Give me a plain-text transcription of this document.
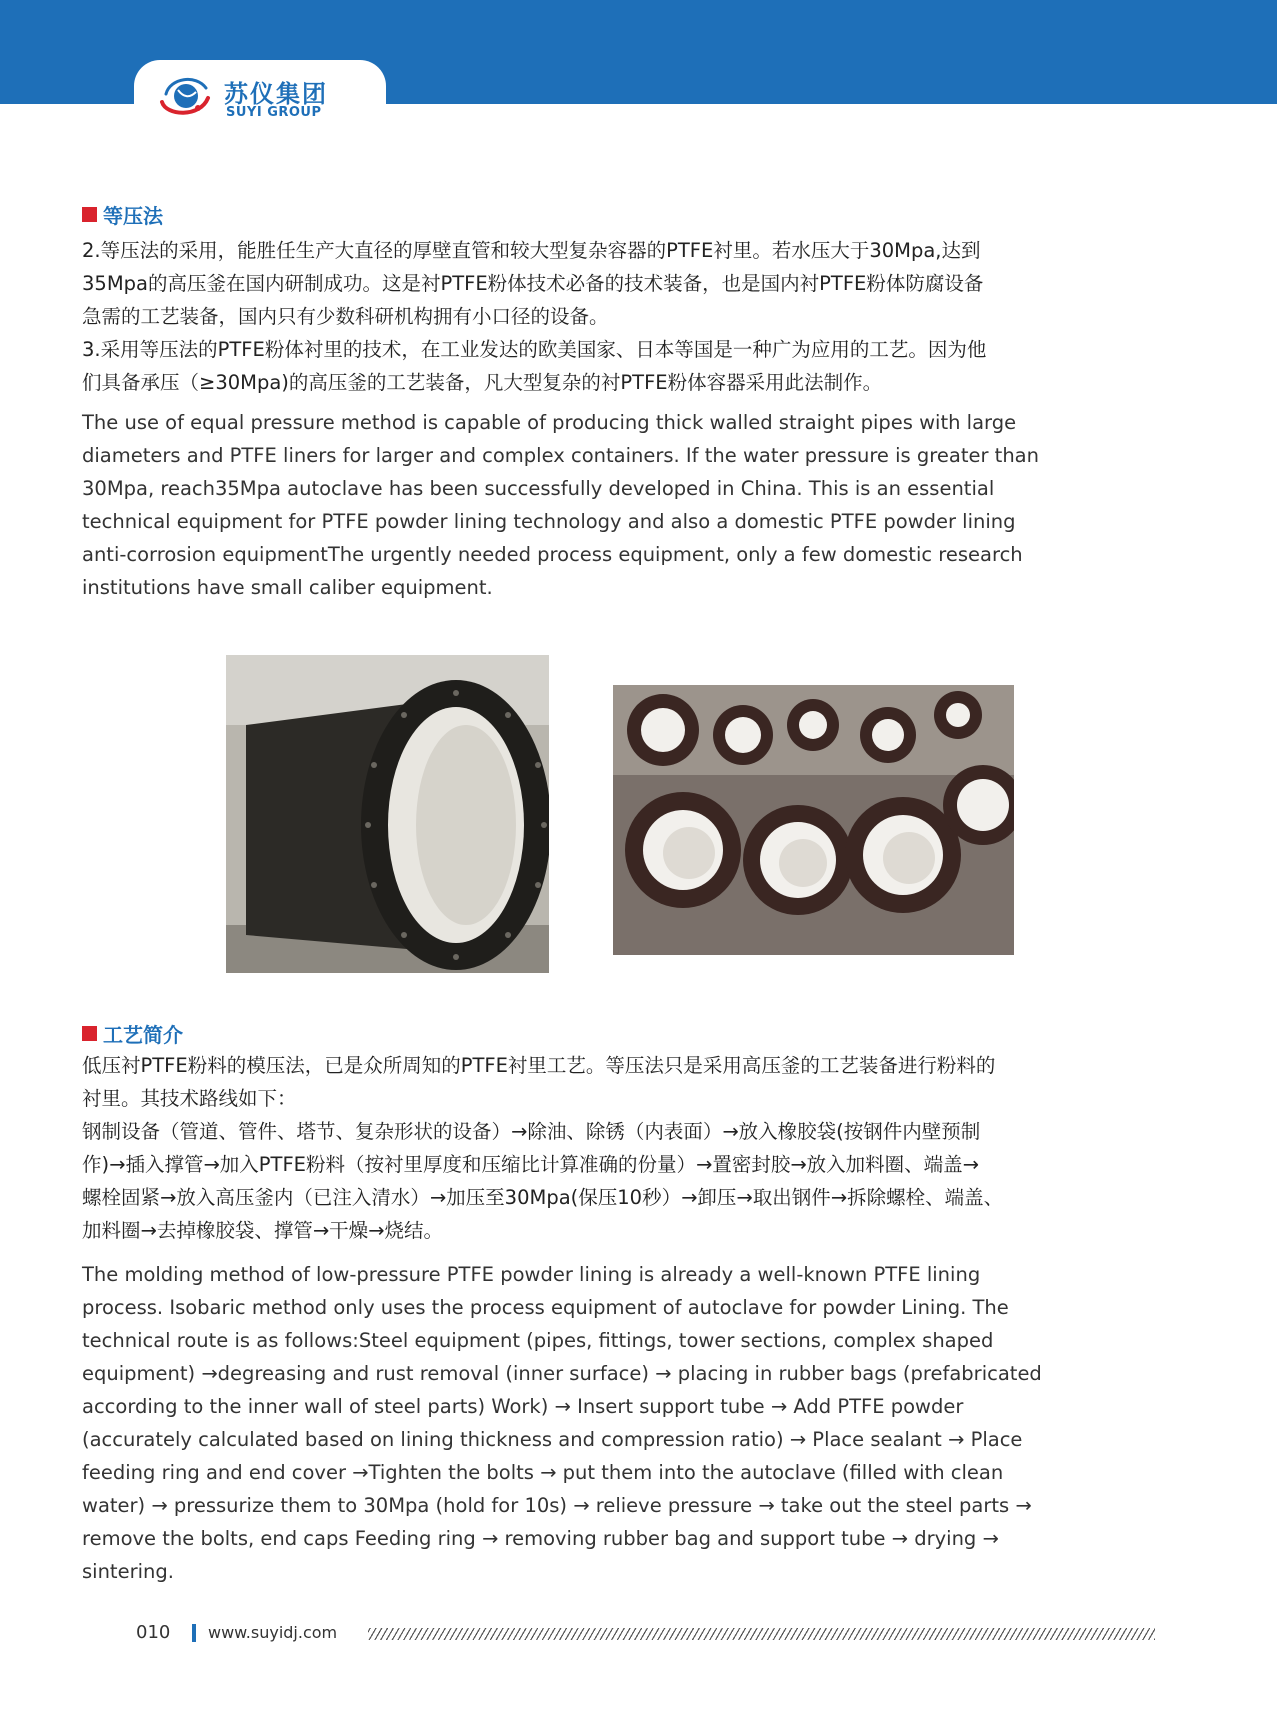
苏仪集团
SUYI GROUP
等压法
2.等压法的采用，能胜任生产大直径的厚壁直管和较大型复杂容器的PTFE衬里。若水压大于30Mpa,达到
35Mpa的高压釜在国内研制成功。这是衬PTFE粉体技术必备的技术装备，也是国内衬PTFE粉体防腐设备
急需的工艺装备，国内只有少数科研机构拥有小口径的设备。
3.采用等压法的PTFE粉体衬里的技术，在工业发达的欧美国家、日本等国是一种广为应用的工艺。因为他
们具备承压（≥30Mpa)的高压釜的工艺装备，凡大型复杂的衬PTFE粉体容器采用此法制作。
The use of equal pressure method is capable of producing thick walled straight pipes with large
diameters and PTFE liners for larger and complex containers. If the water pressure is greater than
30Mpa, reach35Mpa autoclave has been successfully developed in China. This is an essential
technical equipment for PTFE powder lining technology and also a domestic PTFE powder lining
anti-corrosion equipmentThe urgently needed process equipment, only a few domestic research
institutions have small caliber equipment.
工艺简介
低压衬PTFE粉料的模压法，已是众所周知的PTFE衬里工艺。等压法只是采用高压釜的工艺装备进行粉料的
衬里。其技术路线如下：
钢制设备（管道、管件、塔节、复杂形状的设备）→除油、除锈（内表面）→放入橡胶袋(按钢件内壁预制
作)→插入撑管→加入PTFE粉料（按衬里厚度和压缩比计算准确的份量）→置密封胶→放入加料圈、端盖→
螺栓固紧→放入高压釜内（已注入清水）→加压至30Mpa(保压10秒）→卸压→取出钢件→拆除螺栓、端盖、
加料圈→去掉橡胶袋、撑管→干燥→烧结。
The molding method of low-pressure PTFE powder lining is already a well-known PTFE lining
process. Isobaric method only uses the process equipment of autoclave for powder Lining. The
technical route is as follows:Steel equipment (pipes, fittings, tower sections, complex shaped
equipment) →degreasing and rust removal (inner surface) → placing in rubber bags (prefabricated
according to the inner wall of steel parts) Work) → Insert support tube → Add PTFE powder
(accurately calculated based on lining thickness and compression ratio) → Place sealant → Place
feeding ring and end cover →Tighten the bolts → put them into the autoclave (filled with clean
water) → pressurize them to 30Mpa (hold for 10s) → relieve pressure → take out the steel parts →
remove the bolts, end caps Feeding ring → removing rubber bag and support tube → drying →
sintering.
010 www.suyidj.com
